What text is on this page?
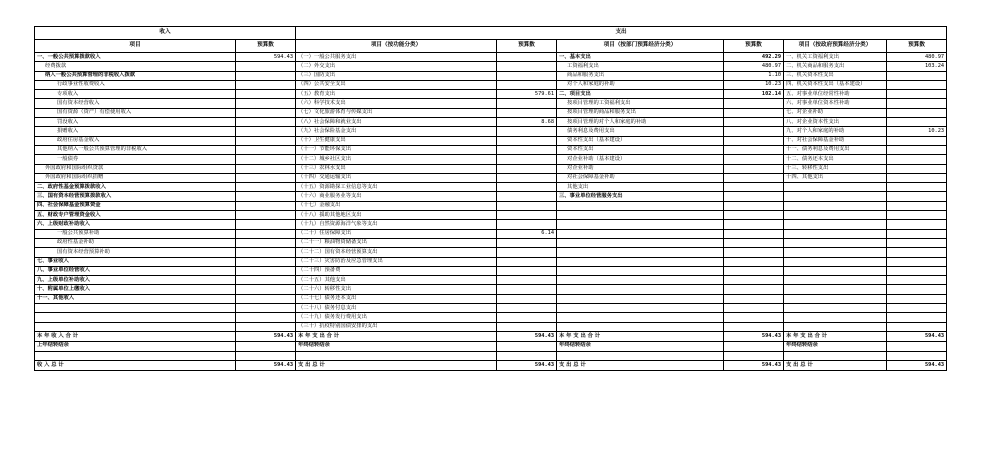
收入		支出					
项目	预算数	项目（按功能分类）	预算数	项目（按部门预算经济分类）	预算数	项目（按政府预算经济分类）	预算数
一、一般公共预算拨款收入	594.43	（一）一般公共服务支出		一、基本支出	492.29	一、机关工资福利支出	480.97
经费拨款		（二）外交支出		工资福利支出	480.97	二、机关商品和服务支出	103.24
纳入一般公共预算管理的非税收入拨款		（三）国防支出		商品和服务支出	1.10	三、机关资本性支出	
行政事业性收费收入		（四）公共安全支出		对个人和家庭的补助	10.23	四、机关资本性支出（基本建设）	
专项收入		（五）教育支出	579.61	二、项目支出	102.14	五、对事业单位经常性补助	
国有资本经营收入		（六）科学技术支出		按项目管理的工资福利支出		六、对事业单位资本性补助	
国有资源（资产）有偿使用收入		（七）文化旅游体育与传媒支出		按项目管理的商品和服务支出		七、对企业补助	
罚没收入		（八）社会保障和就业支出	8.68	按项目管理的对个人和家庭的补助		八、对企业资本性支出	
捐赠收入		（九）社会保险基金支出		债务利息及费用支出		九、对个人和家庭的补助	10.23
政府住房基金收入		（十）卫生健康支出		资本性支出（基本建设）		十、对社会保障基金补助	
其他纳入一般公共预算管理的非税收入		（十一）节能环保支出		资本性支出		十一、债务利息及费用支出	
一般债券		（十二）城乡社区支出		对企业补助（基本建设）		十二、债务还本支出	
外国政府和国际组织贷款		（十三）农林水支出		对企业补助		十三、转移性支出	
外国政府和国际组织捐赠		（十四）交通运输支出		对社会保障基金补助		十四、其他支出	
二、政府性基金预算拨款收入		（十五）资源勘探工业信息等支出		其他支出			
三、国有资本经营预算拨款收入		（十六）商业服务业等支出		三、事业单位经营服务支出			
四、社会保障基金预算资金		（十七）金融支出					
五、财政专户管理资金收入		（十八）援助其他地区支出					
六、上级财政补助收入		（十九）自然资源海洋气象等支出					
一般公共预算补助		（二十）住房保障支出	6.14				
政府性基金补助		（二十一）粮油物资储备支出					
国有资本经营预算补助		（二十二）国有资本经营预算支出					
七、事业收入		（二十三）灾害防治及应急管理支出					
八、事业单位经营收入		（二十四）预备费					
九、上级单位补助收入		（二十五）其他支出					
十、附属单位上缴收入		（二十六）转移性支出					
十一、其他收入		（二十七）债务还本支出					
		（二十八）债务付息支出					
		（二十九）债务发行费用支出					
		（三十）抗疫特别国债安排的支出					
本 年 收 入 合 计	594.43	本 年 支 出 合 计	594.43	本 年 支 出 合 计	594.43	本 年 支 出 合 计	594.43
上年结转结余		年终结转结余		年终结转结余		年终结转结余	

收 入 总 计	594.43	支 出 总 计	594.43	支 出 总 计	594.43	支 出 总 计	594.43
